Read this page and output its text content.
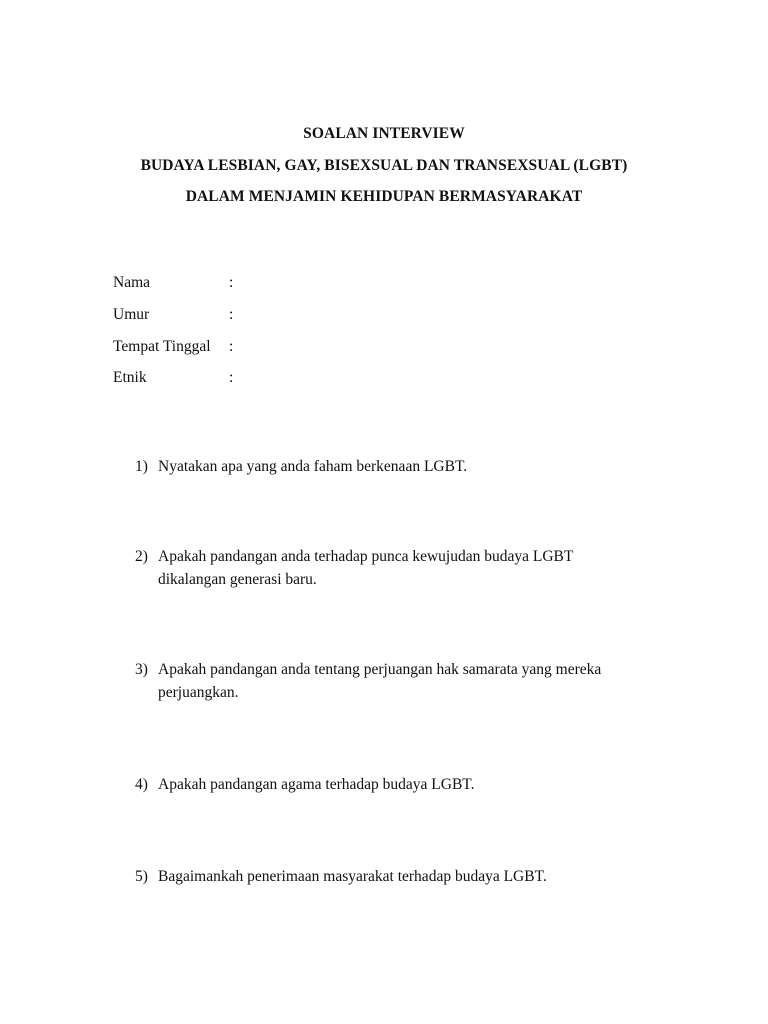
SOALAN INTERVIEW
BUDAYA LESBIAN, GAY, BISEXSUAL DAN TRANSEXSUAL (LGBT)
DALAM MENJAMIN KEHIDUPAN BERMASYARAKAT
Nama	:
Umur	:
Tempat Tinggal :
Etnik	:
1) Nyatakan apa yang anda faham berkenaan LGBT.
2) Apakah pandangan anda terhadap punca kewujudan budaya LGBT dikalangan generasi baru.
3) Apakah pandangan anda tentang perjuangan hak samarata yang mereka perjuangkan.
4) Apakah pandangan agama terhadap budaya LGBT.
5) Bagaimankah penerimaan masyarakat terhadap budaya LGBT.
